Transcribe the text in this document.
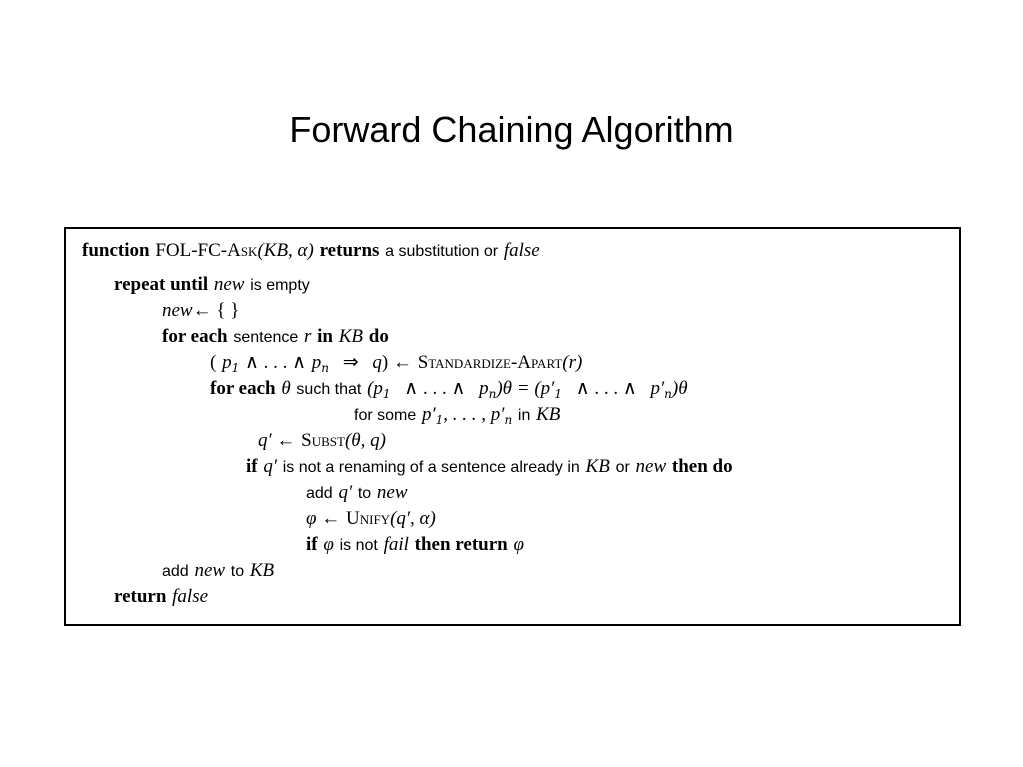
Forward Chaining Algorithm
function FOL-FC-Ask(KB, α) returns a substitution or false
repeat until new is empty
new← { }
for each sentence r in KB do
( $p_1$ ∧ . . . ∧ $p_n$ ⇒ q) ← Standardize-Apart(r)
for each θ such that ($p_1$ ∧ . . . ∧ $p_n)\theta = (p'_1$ ∧ . . . ∧ $p'_n)\theta$
for some $p'_1$, . . . , $p'_n$ in KB
q′ ← Subst(θ, q)
if q′ is not a renaming of a sentence already in KB or new then do
add q′ to new
φ ← Unify(q′, α)
if φ is not fail then return φ
add new to KB
return false
